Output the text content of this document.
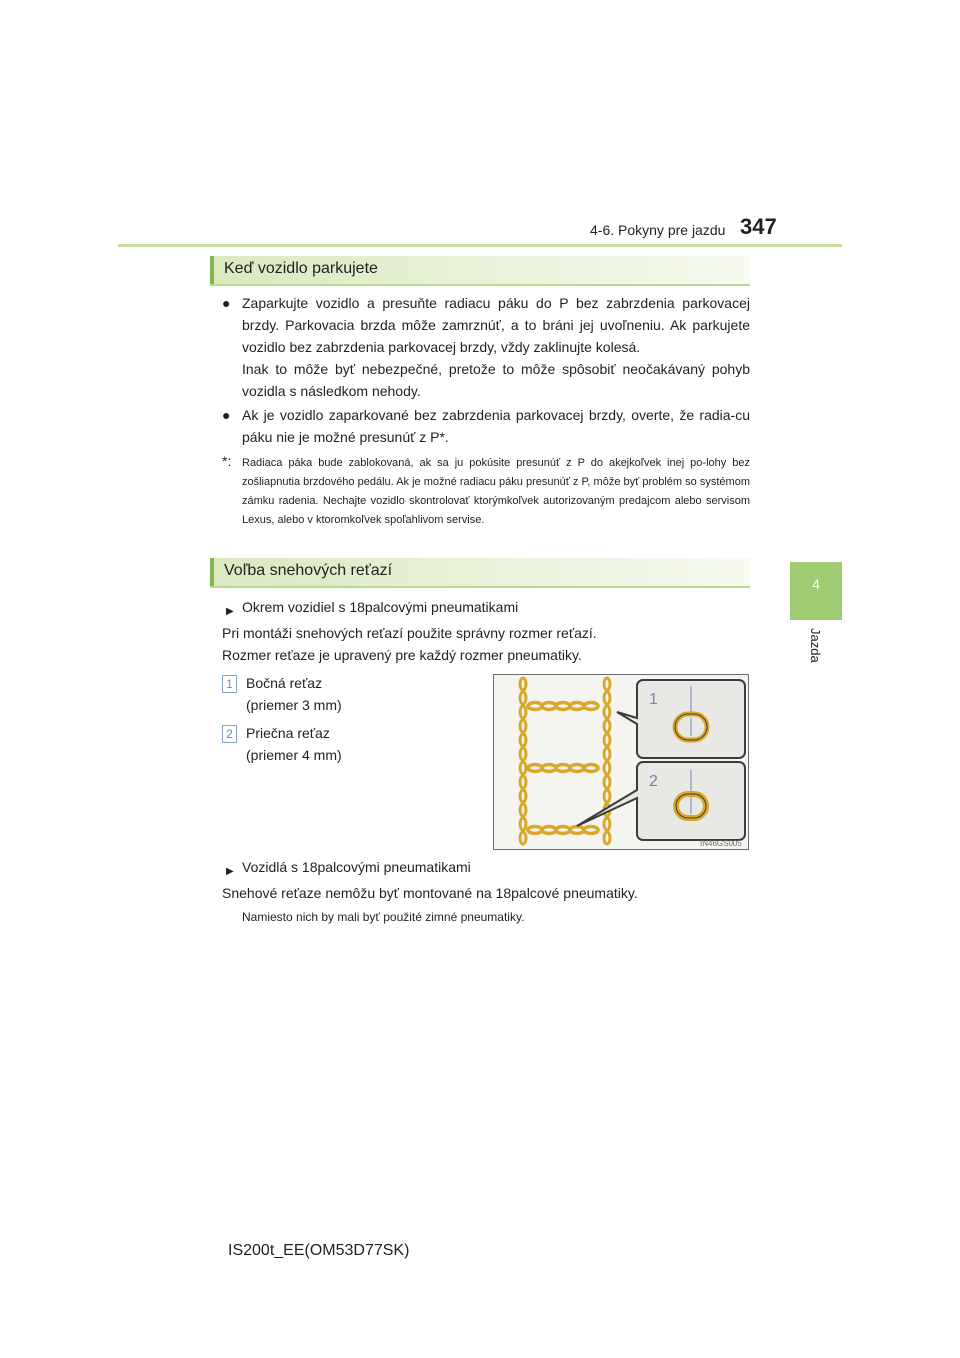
4-6. Pokyny pre jazdu 347
4
Jazda
Keď vozidlo parkujete
● Zaparkujte vozidlo a presuňte radiacu páku do P bez zabrzdenia parkovacej brzdy. Parkovacia brzda môže zamrznúť, a to bráni jej uvoľneniu. Ak parkujete vozidlo bez zabrzdenia parkovacej brzdy, vždy zaklinujte kolesá.
Inak to môže byť nebezpečné, pretože to môže spôsobiť neočakávaný pohyb vozidla s následkom nehody.
● Ak je vozidlo zaparkované bez zabrzdenia parkovacej brzdy, overte, že radia-cu páku nie je možné presunúť z P*.
*: Radiaca páka bude zablokovaná, ak sa ju pokúsite presunúť z P do akejkoľvek inej po-lohy bez zošliapnutia brzdového pedálu. Ak je možné radiacu páku presunúť z P, môže byť problém so systémom zámku radenia. Nechajte vozidlo skontrolovať ktorýmkoľvek autorizovaným predajcom alebo servisom Lexus, alebo v ktoromkoľvek spoľahlivom servise.
Voľba snehových reťazí
▶ Okrem vozidiel s 18palcovými pneumatikami
Pri montáži snehových reťazí použite správny rozmer reťazí.
Rozmer reťaze je upravený pre každý rozmer pneumatiky.
1 Bočná reťaz
(priemer 3 mm)
2 Priečna reťaz
(priemer 4 mm)
1
2
IN46GS005
▶ Vozidlá s 18palcovými pneumatikami
Snehové reťaze nemôžu byť montované na 18palcové pneumatiky.
Namiesto nich by mali byť použité zimné pneumatiky.
IS200t_EE(OM53D77SK)
